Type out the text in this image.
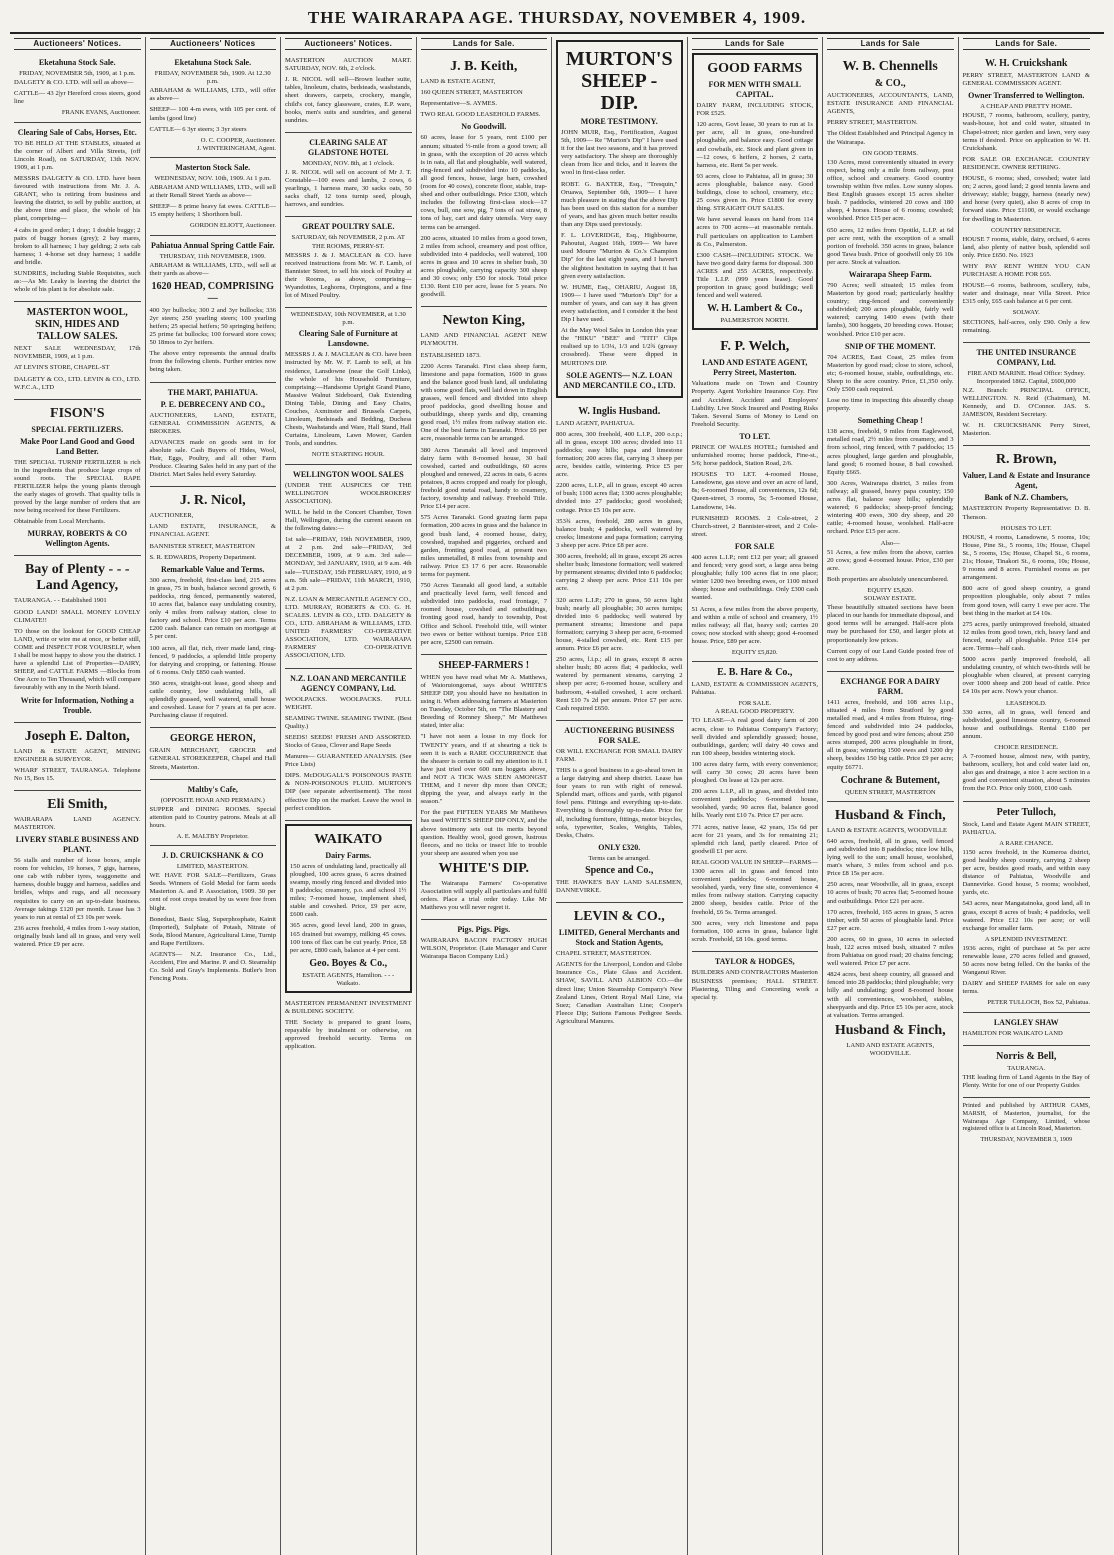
THE WAIRARAPA AGE. THURSDAY, NOVEMBER 4, 1909.
Auctioneers' Notices.
Eketahuna Stock Sale.
FRIDAY, NOVEMBER 5th, 1909, at 1 p.m.
DALGETY & CO. LTD. will sell as above—
CATTLE— 43 2|yr Hereford cross steers, good line
FRANK EVANS, Auctioneer.
Clearing Sale of Cabs, Horses, Etc.
TO BE HELD AT THE STABLES, situated at the corner of Albert and Villa Streets, (off Lincoln Road), on SATURDAY, 13th NOV. 1909, at 1 p.m.
MESSRS DALGETY & CO. LTD. have been favoured with instructions from Mr. J. A. GRANT, who is retiring from business and leaving the district, to sell by public auction, at the above time and place, the whole of his plant, comprising—
4 cabs in good order; 1 dray; 1 double buggy; 2 pairs of buggy horses (grey); 2 bay mares, broken to all harness; 1 bay gelding; 2 sets cab harness; 1 4-horse set dray harness; 1 saddle and bridle.
SUNDRIES, including Stable Requisites, such as:—As Mr. Leaky is leaving the district the whole of his plant is for absolute sale.
MASTERTON WOOL, SKIN, HIDES AND TALLOW SALES.
NEXT SALE WEDNESDAY, 17th NOVEMBER, 1909, at 1 p.m.
AT LEVIN'S STORE, CHAPEL-ST
DALGETY & CO., LTD. LEVIN & CO., LTD. W.F.C.A., LTD
FISON'S
SPECIAL FERTILIZERS.
Make Poor Land Good and Good Land Better.
THE SPECIAL TURNIP FERTILIZER is rich in the ingredients that produce large crops of sound roots. The SPECIAL RAPE FERTILIZER helps the young plants through the early stages of growth. That quality tells is proved by the large number of orders that are now being received for these Fertilizers.
Obtainable from Local Merchants.
MURRAY, ROBERTS & CO Wellington Agents.
Bay of Plenty - - - Land Agency,
TAURANGA. - - Established 1901
GOOD LAND! SMALL MONEY LOVELY CLIMATE!!
TO those on the lookout for GOOD CHEAP LAND, write or wire me at once, or better still, COME and INSPECT FOR YOURSELF, when I shall be most happy to show you the district. I have a splendid List of Properties—DAIRY, SHEEP, and CATTLE FARMS —Blocks from One Acre to Ten Thousand, which will compare favourably with any in the North Island.
Write for Information, Nothing a Trouble.
Joseph E. Dalton,
LAND & ESTATE AGENT, MINING ENGINEER & SURVEYOR.
WHARF STREET, TAURANGA. Telephone No 15, Box 15.
Eli Smith,
WAIRARAPA LAND AGENCY. MASTERTON.
LIVERY STABLE BUSINESS AND PLANT.
56 stalls and number of loose boxes, ample room for vehicles, 19 horses, 7 gigs, harness, one cab with rubber tyres, waggonette and harness, double buggy and harness, saddles and bridles, whips and rugs, and all necessary requisites to carry on an up-to-date business. Average takings £120 per month. Lease has 3 years to run at rental of £3 10s per week.
236 acres freehold, 4 miles from 1-way station, originally bush land all in grass, and very well watered. Price £9 per acre.
Auctioneers' Notices
Eketahuna Stock Sale.
FRIDAY, NOVEMBER 5th, 1909. At 12.30 p.m.
ABRAHAM & WILLIAMS, LTD., will offer as above—
SHEEP— 100 4-m ewes, with 105 per cent. of lambs (good line)
CATTLE— 6 3yr steers; 3 3yr steers
O. C. COOPER, Auctioneer.
J. WINTERINGHAM, Agent.
Masterton Stock Sale.
WEDNESDAY, NOV. 10th, 1909. At 1 p.m.
ABRAHAM AND WILLIAMS, LTD., will sell at their Renall Street Yards as above—
SHEEP— 8 prime heavy fat ewes. CATTLE— 15 empty heifers; 1 Shorthorn bull.
GORDON ELIOTT, Auctioneer.
Pahiatua Annual Spring Cattle Fair.
THURSDAY, 11th NOVEMBER, 1909.
ABRAHAM & WILLIAMS, LTD., will sell at their yards as above—
1620 HEAD, COMPRISING—
400 3yr bullocks; 300 2 and 3yr bullocks; 336 2yr steers; 250 yearling steers; 100 yearling heifers; 25 special heifers; 50 springing heifers; 25 prime fat bullocks; 100 forward store cows; 50 18mos to 2yr heifers.
The above entry represents the annual drafts from the following clients. Further entries now being taken.
THE MART, PAHIATUA.
P. E. DEBRECENY AND CO.,
AUCTIONEERS, LAND, ESTATE, GENERAL COMMISSION AGENTS, & BROKERS.
ADVANCES made on goods sent in for absolute sale. Cash Buyers of Hides, Wool, Hair, Eggs, Poultry, and all other Farm Produce. Clearing Sales held in any part of the District. Mart Sales held every Saturday.
J. R. Nicol,
AUCTIONEER,
LAND ESTATE, INSURANCE, & FINANCIAL AGENT.
BANNISTER STREET, MASTERTON
S. R. EDWARDS, Property Department.
Remarkable Value and Terms.
300 acres, freehold, first-class land, 215 acres in grass, 75 in bush, balance second growth, 6 paddocks, ring fenced, permanently watered, 10 acres flat, balance easy undulating country, only 4 miles from railway station, close to factory and school. Price £10 per acre. Terms £200 cash. Balance can remain on mortgage at 5 per cent.
100 acres, all flat, rich, river made land, ring-fenced, 9 paddocks, a splendid little property for dairying and cropping, or fattening. House of 6 rooms. Only £850 cash wanted.
360 acres, straight-out lease, good sheep and cattle country, low undulating hills, all splendidly grassed, well watered, small house and cowshed. Lease for 7 years at 6s per acre. Purchasing clause if required.
GEORGE HERON,
GRAIN MERCHANT, GROCER and GENERAL STOREKEEPER, Chapel and Hall Streets, Masterton.
Maltby's Cafe,
(OPPOSITE HOAR AND PERMAIN.)
SUPPER and DINING ROOMS. Special attention paid to Country patrons. Meals at all hours.
A. E. MALTBY Proprietor.
J. D. CRUICKSHANK & CO
LIMITED, MASTERTON.
WE HAVE FOR SALE—Fertilizers, Grass Seeds. Winners of Gold Medal for farm seeds Masterton A. and P. Association, 1909. 30 per cent of root crops treated by us were free from blight.
Bonedust, Basic Slag, Superphosphate, Kainit (Imported), Sulphate of Potash, Nitrate of Soda, Blood Manure, Agricultural Lime, Turnip and Rape Fertilizers.
AGENTS— N.Z. Insurance Co., Ltd., Accident, Fire and Marine. P. and O. Steamship Co. Sold and Gray's Implements. Butler's Iron Fencing Posts.
Auctioneers' Notices.
MASTERTON AUCTION MART. SATURDAY, NOV. 6th, 2 o'clock.
J. R. NICOL will sell—Brown leather suite, tables, linoleum, chairs, bedsteads, washstands, sheet drawers, carpets, crockery, mangle, child's cot, fancy glassware, crates, E.P. ware, books, men's suits and sundries, and general sundries.
CLEARING SALE AT GLADSTONE HOTEL
MONDAY, NOV. 8th, at 1 o'clock.
J. R. NICOL will sell on account of Mr J. T. Constable—100 ewes and lambs, 2 cows, 6 yearlings, 1 harness mare, 30 sacks oats, 50 sacks chaff, 12 tons turnip seed, plough, harrows, and sundries.
GREAT POULTRY SALE.
SATURDAY, 6th NOVEMBER, 2 p.m. AT THE ROOMS, PERRY-ST.
MESSRS J. & J. MACLEAN & CO. have received instructions from Mr. W. F. Lamb, of Bannister Street, to sell his stock of Poultry at their Rooms, as above, comprising—Wyandottes, Leghorns, Orpingtons, and a fine lot of Mixed Poultry.
WEDNESDAY, 10th NOVEMBER, at 1.30 p.m.
Clearing Sale of Furniture at Lansdowne.
MESSRS J. & J. MACLEAN & CO. have been instructed by Mr. W. F. Lamb to sell, at his residence, Lansdowne (near the Golf Links), the whole of his Household Furniture, comprising:—Handsome Upright Grand Piano, Massive Walnut Sideboard, Oak Extending Dining Table, Dining and Easy Chairs, Couches, Axminster and Brussels Carpets, Linoleum, Bedsteads and Bedding, Duchess Chests, Washstands and Ware, Hall Stand, Hall Curtains, Linoleum, Lawn Mower, Garden Tools, and sundries.
NOTE STARTING HOUR.
WELLINGTON WOOL SALES
(UNDER THE AUSPICES OF THE WELLINGTON WOOLBROKERS' ASSOCIATION).
WILL be held in the Concert Chamber, Town Hall, Wellington, during the current season on the following dates:—
1st sale—FRIDAY, 19th NOVEMBER, 1909, at 2 p.m. 2nd sale—FRIDAY, 3rd DECEMBER, 1909, at 9 a.m. 3rd sale—MONDAY, 3rd JANUARY, 1910, at 9 a.m. 4th sale—TUESDAY, 15th FEBRUARY, 1910, at 9 a.m. 5th sale—FRIDAY, 11th MARCH, 1910, at 2 p.m.
N.Z. LOAN & MERCANTILE AGENCY CO., LTD. MURRAY, ROBERTS & CO. G. H. SCALES. LEVIN & CO., LTD. DALGETY & CO., LTD. ABRAHAM & WILLIAMS, LTD. UNITED FARMERS' CO-OPERATIVE ASSOCIATION, LTD. WAIRARAPA FARMERS' CO-OPERATIVE ASSOCIATION, LTD.
N.Z. LOAN AND MERCANTILE AGENCY COMPANY, Ltd.
WOOLPACKS. WOOLPACKS. FULL WEIGHT.
SEAMING TWINE. SEAMING TWINE. (Best Quality.)
SEEDS! SEEDS! FRESH AND ASSORTED. Stocks of Grass, Clover and Rape Seeds
Manures— GUARANTEED ANALYSIS. (See Price Lists)
DIPS. McDOUGALL'S POISONOUS PASTE & NON-POISONOUS FLUID. MURTON'S DIP (see separate advertisement). The most effective Dip on the market. Leave the wool in perfect condition.
WAIKATO
Dairy Farms.
150 acres of undulating land, practically all ploughed, 100 acres grass, 6 acres drained swamp, mostly ring fenced and divided into 8 paddocks; creamery, p.o. and school 1½ miles; 7-roomed house, implement shed, stable and cowshed. Price, £9 per acre, £600 cash.
365 acres, good level land, 200 in grass, 165 drained but swampy, milking 45 cows. 100 tons of flax can be cut yearly. Price, £8 per acre, £800 cash, balance at 4 per cent.
Geo. Boyes & Co.,
ESTATE AGENTS, Hamilton. - - - Waikato.
MASTERTON PERMANENT INVESTMENT & BUILDING SOCIETY.
THE Society is prepared to grant loans, repayable by instalment or otherwise, on approved freehold security. Terms on application.
Lands for Sale.
J. B. Keith,
LAND & ESTATE AGENT,
160 QUEEN STREET, MASTERTON
Representative—S. AYMES.
TWO REAL GOOD LEASEHOLD FARMS.
No Goodwill.
60 acres, lease for 5 years, rent £100 per annum; situated ½-mile from a good town; all in grass, with the exception of 20 acres which is in oats, all flat and ploughable, well watered, ring-fenced and subdivided into 10 paddocks, all good fences, house, large barn, cowshed (room for 40 cows), concrete floor, stable, trap-shed and other outbuildings. Price £300, which includes the following first-class stock—17 cows, bull, one sow, pig, 7 tons of oat straw, 8 tons of hay, cart and dairy utensils. Very easy terms can be arranged.
200 acres, situated 10 miles from a good town, 2 miles from school, creamery and post office, subdivided into 4 paddocks, well watered, 100 acres in grass and 10 acres in shelter bush, 30 acres ploughable, carrying capacity 300 sheep and 30 cows; only £50 for stock. Total price £130. Rent £10 per acre, lease for 5 years. No goodwill.
Newton King,
LAND AND FINANCIAL AGENT NEW PLYMOUTH.
ESTABLISHED 1873.
2200 Acres Taranaki. First class sheep farm, limestone and papa formation, 1600 in grass and the balance good bush land, all undulating with some good flats, well laid down in English grasses, well fenced and divided into sheep proof paddocks, good dwelling house and outbuildings, sheep yards and dip, creaming good road, 1½ miles from railway station etc. One of the best farms in Taranaki. Price £6 per acre, reasonable terms can be arranged.
380 Acres Taranaki all level and improved dairy farm with 8-roomed house, 30 bail cowshed, carted and outbuildings, 60 acres ploughed and renewed, 22 acres in oats, 6 acres potatoes, 8 acres cropped and ready for plough, freehold good metal road, handy to creamery, factory, township and railway. Freehold Title. Price £14 per acre.
575 Acres Taranaki. Good grazing farm papa formation, 200 acres in grass and the balance in good bush land, 4 roomed house, dairy, cowshed, trapshed and piggeries, orchard and garden, fronting good road, at present two miles unmetalled, 8 miles from township and railway. Price £3 17 6 per acre. Reasonable terms for payment.
750 Acres Taranaki all good land, a suitable and practically level farm, well fenced and subdivided into paddocks, road frontage, 7 roomed house, cowshed and outbuildings, fronting good road, handy to township, Post Office and School. Freehold title, will winter two ewes or better without turnips. Price £18 per acre, £2500 can remain.
SHEEP-FARMERS !
WHEN you have read what Mr A. Matthews, of Waioruiongomai, says about WHITE'S SHEEP DIP, you should have no hesitation in using it. When addressing farmers at Masterton on Tuesday, October 5th, on "The Blastery and Breeding of Romney Sheep," Mr Matthews stated, inter alia:
"I have not seen a louse in my flock for TWENTY years, and if at shearing a tick is seen it is such a RARE OCCURRENCE that the shearer is certain to call my attention to it. I have just tried over 600 ram hoggets above, and NOT A TICK WAS SEEN AMONGST THEM, and I never dip more than ONCE; dipping the year, and always early in the season."
For the past FIFTEEN YEARS Mr Matthews has used WHITE'S SHEEP DIP ONLY, and the above testimony sets out its merits beyond question. Healthy wool, good grown, lustrous fleeces, and no ticks or insect life to trouble your sheep are assured when you use
WHITE'S DIP.
The Wairarapa Farmers' Co-operative Association will supply all particulars and fulfil orders. Place a trial order today. Like Mr Matthews you will never regret it.
Pigs. Pigs. Pigs.
WAIRARAPA BACON FACTORY HUGH WILSON, Proprietor. (Late Manager and Curer Wairarapa Bacon Company Ltd.)
MURTON'S SHEEP - DIP.
MORE TESTIMONY.
JOHN MUIR, Esq., Fortification, August 5th, 1909— Re "Murton's Dip" I have used it for the last two seasons, and it has proved very satisfactory. The sheep are thoroughly clean from lice and ticks, and it leaves the wool in first-class order.
ROBT. G. BAXTER, Esq., "Tresquin," Oruawa, September 6th, 1909— I have much pleasure in stating that the above Dip has been used on this station for a number of years, and has given much better results than any Dips used previously.
F. L. LOVERIDGE, Esq., Highbourne, Pahoutui, August 16th, 1909— We have used Mourre "Murton & Co.'s Champion Dip" for the last eight years, and I haven't the slightest hesitation in saying that it has given every satisfaction.
W. HUME, Esq., OHARIU, August 18, 1909— I have used "Murton's Dip" for a number of years, and can say it has given every satisfaction, and I consider it the best Dip I have used.
At the May Wool Sales in London this year the "HIKU" "BEE" and "TITI" Clips realised up to 1/3¼, 1/3 and 1/2¾ (greasy crossbred). These were dipped in MURTON'S DIP.
SOLE AGENTS— N.Z. LOAN AND MERCANTILE CO., LTD.
W. Inglis Husband.
LAND AGENT, PAHIATUA.
800 acres, 300 freehold, 400 L.I.P., 200 o.r.p.; all in grass, except 100 acres; divided into 11 paddocks; easy hills; papa and limestone formation; 200 acres flat, carrying 3 sheep per acre, besides cattle, wintering. Price £5 per acre.
2200 acres, L.I.P., all in grass, except 40 acres of bush; 1100 acres flat; 1300 acres ploughable; divided into 27 paddocks; good woolshed; cottage. Price £5 10s per acre.
353¾ acres, freehold, 280 acres in grass, balance bush; 4 paddocks, well watered by creeks; limestone and papa formation; carrying 3 sheep per acre. Price £8 per acre.
300 acres, freehold; all in grass, except 26 acres shelter bush; limestone formation; well watered by permanent streams; divided into 6 paddocks; carrying 2 sheep per acre. Price £11 10s per acre.
320 acres L.I.P.; 270 in grass, 50 acres light bush; nearly all ploughable; 30 acres turnips; divided into 6 paddocks; well watered by permanent streams; limestone and papa formation; carrying 3 sheep per acre, 6-roomed house, 4-stalled cowshed, etc. Rent £15 per annum. Price £6 per acre.
250 acres, l.i.p.; all in grass, except 8 acres shelter bush; 80 acres flat; 4 paddocks, well watered by permanent streams, carrying 2 sheep per acre; 6-roomed house, scullery and bathroom, 4-stalled cowshed, 1 acre orchard. Rent £10 7s 2d per annum. Price £7 per acre. Cash required £650.
AUCTIONEERING BUSINESS FOR SALE.
OR WILL EXCHANGE FOR SMALL DAIRY FARM.
THIS is a good business in a go-ahead town in a large dairying and sheep district. Lease has four years to run with right of renewal. Splendid mart, offices and yards, with piganol fowl pens. Fittings and everything up-to-date. Everything is thoroughly up-to-date. Price for all, including furniture, fittings, motor bicycles, sofa, typewriter, Scales, Weights, Tables, Desks, Chairs.
ONLY £320.
Terms can be arranged.
Spence and Co.,
THE HAWKE'S BAY LAND SALESMEN, DANNEVIRKE.
LEVIN & CO.,
LIMITED, General Merchants and Stock and Station Agents,
CHAPEL STREET, MASTERTON.
AGENTS for the Liverpool, London and Globe Insurance Co., Plate Glass and Accident. SHAW, SAVILL AND ALBION CO.—the direct line; Union Steamship Company's New Zealand Lines, Orient Royal Mail Line, via Suez; Canadian Australian Line; Cooper's Fleece Dip; Suttons Famous Pedigree Seeds. Agricultural Manures.
Lands for Sale
GOOD FARMS
FOR MEN WITH SMALL CAPITAL.
DAIRY FARM, INCLUDING STOCK, FOR £525.
120 acres, Govt lease, 30 years to run at 1s per acre, all in grass, one-hundred ploughable, and balance easy. Good cottage and cowbails, etc. Stock and plant given in—12 cows, 6 heifers, 2 horses, 2 carts, harness, etc. Rent 5s per week.
93 acres, close to Pahiatua, all in grass; 30 acres ploughable, balance easy. Good buildings, close to school, creamery, etc.; 25 cows given in. Price £1800 for every thing. STRAIGHT OUT SALES.
We have several leases on hand from 114 acres to 700 acres—at reasonable rentals. Full particulars on application to Lambert & Co., Palmerston.
£300 CASH—INCLUDING STOCK. We have two good dairy farms for disposal. 300 ACRES and 255 ACRES, respectively. Title L.I.P. (999 years lease). Good proportion in grass; good buildings; well fenced and well watered.
W. H. Lambert & Co.,
PALMERSTON NORTH.
F. P. Welch,
LAND AND ESTATE AGENT, Perry Street, Masterton.
Valuations made on Town and Country Property. Agent Yorkshire Insurance Coy. Fire and Accident. Accident and Employers' Liability. Live Stock Insured and Posting Risks Taken. Several Sums of Money to Lend on Freehold Security.
TO LET.
PRINCE OF WALES HOTEL; furnished and unfurnished rooms; horse paddock, Fine-st., 5/6; horse paddock, Station Road, 2/6.
HOUSES TO LET. 4-roomed House, Lansdowne, gas stove and over an acre of land, 8s; 6-roomed House, all conveniences, 12s 6d; Queen-street, 3 rooms, 5s; 5-roomed House, Lansdowne, 14s.
FURNISHED ROOMS. 2 Cole-street, 2 Church-street, 2 Bannister-street, and 2 Cole-street.
FOR SALE
400 acres L.I.P.; rent £12 per year; all grassed and fenced; very good sort, a large area being ploughable; fully 100 acres flat in one place; winter 1200 two breeding ewes, or 1100 mixed sheep; house and outbuildings. Only £300 cash wanted.
51 Acres, a few miles from the above property, and within a mile of school and creamery, 1½ miles railway; all flat, heavy soil; carries 20 cows; now stocked with sheep; good 4-roomed house. Price, £89 per acre.
EQUITY £5,820.
E. B. Hare & Co.,
LAND, ESTATE & COMMISSION AGENTS, Pahiatua.
FOR SALE.
A REAL GOOD PROPERTY.
TO LEASE—A real good dairy farm of 200 acres, close to Pahiatua Company's Factory; well divided and splendidly grassed; house, outbuildings, garden; will dairy 40 cows and run 100 sheep, besides wintering stock.
100 acres dairy farm, with every convenience; will carry 30 cows; 20 acres have been ploughed. On lease at 12s per acre.
200 acres L.I.P., all in grass, and divided into convenient paddocks; 6-roomed house, woolshed, yards; 90 acres flat, balance good hills. Yearly rent £10 7s. Price £7 per acre.
771 acres, native lease, 42 years, 15s 6d per acre for 21 years, and 3s for remaining 21; splendid rich land, partly cleared. Price of goodwill £1 per acre.
REAL GOOD VALUE IN SHEEP—FARMS—
1300 acres all in grass and fenced into convenient paddocks; 6-roomed house, woolshed, yards, very fine site, convenience 4 miles from railway station. Carrying capacity 2800 sheep, besides cattle. Price of the freehold, £6 5s. Terms arranged.
300 acres, very rich limestone and papa formation, 100 acres in grass, balance light scrub. Freehold, £8 10s. good terms.
TAYLOR & HODGES,
BUILDERS AND CONTRACTORS Masterton
BUSINESS premises; HALL STREET. Plastering, Tiling and Concreting work a special ty.
Lands for Sale
W. B. Chennells
& CO.,
AUCTIONEERS, ACCOUNTANTS, LAND, ESTATE INSURANCE AND FINANCIAL AGENTS,
PERRY STREET, MASTERTON.
The Oldest Established and Principal Agency in the Wairarapa.
ON GOOD TERMS.
130 Acres, most conveniently situated in every respect, being only a mile from railway, post office, school and creamery. Good country township within five miles. Low sunny slopes. Best English grasses except 15 acres shelter bush. 7 paddocks, wintered 20 cows and 180 sheep, 4 horses. House of 6 rooms; cowshed; woolshed. Price £15 per acre.
650 acres, 12 miles from Opotiki, L.I.P. at 6d per acre rent, with the exception of a small portion of freehold. 350 acres in grass, balance good Tawa bush. Price of goodwill only £6 10s per acre. Stock at valuation.
Wairarapa Sheep Farm.
790 Acres; well situated; 15 miles from Masterton by good road; particularly healthy country; ring-fenced and conveniently subdivided; 200 acres ploughable, fairly well watered; carrying 1400 ewes (with their lambs), 300 hoggets, 20 breeding cows. House; woolshed. Price £10 per acre.
SNIP OF THE MOMENT.
704 ACRES, East Coast, 25 miles from Masterton by good road; close to store, school, etc; 6-roomed house, stable, outbuildings, etc. Sheep to the acre country. Price, £1,350 only. Only £500 cash required.
Lose no time in inspecting this absurdly cheap property.
Something Cheap !
138 acres, freehold, 9 miles from Eaglewood, metalled road, 2½ miles from creamery, and 3 from school, ring fenced, with 7 paddocks; 15 acres ploughed, large garden and ploughable, land good; 6 roomed house, 8 bail cowshed. Equity £665.
300 Acres, Wairarapa district, 3 miles from railway; all grassed, heavy papa country; 150 acres flat, balance easy hills; splendidly watered; 6 paddocks; sheep-proof fencing; wintering 400 ewes, 300 dry sheep, and 20 cattle; 4-roomed house, woolshed. Half-acre orchard. Price £15 per acre.
Also—
51 Acres, a few miles from the above, carries 20 cows; good 4-roomed house. Price, £30 per acre.
Both properties are absolutely unencumbered.
EQUITY £5,820.
SOLWAY ESTATE.
These beautifully situated sections have been placed in our hands for immediate disposal, and good terms will be arranged. Half-acre plots may be purchased for £50, and larger plots at proportionately low prices.
Current copy of our Land Guide posted free of cost to any address.
EXCHANGE FOR A DAIRY FARM.
1411 acres, freehold, and 108 acres l.i.p., situated 4 miles from Stratford by good metalled road, and 4 miles from Huiroa, ring-fenced and subdivided into 24 paddocks, fenced by good post and wire fences; about 250 acres stumped, 200 acres ploughable in front, all in grass; wintering 1500 ewes and 1200 dry sheep, besides 150 big cattle. Price £9 per acre; equity £6771.
Cochrane & Butement,
QUEEN STREET, MASTERTON
Husband & Finch,
LAND & ESTATE AGENTS, WOODVILLE
640 acres, freehold, all in grass, well fenced and subdivided into 8 paddocks; nice low hills, lying well to the sun; small house, woolshed, man's whare, 3 miles from school and p.o. Price £8 15s per acre.
250 acres, near Woodville, all in grass, except 10 acres of bush; 70 acres flat; 5-roomed house and outbuildings. Price £21 per acre.
170 acres, freehold, 165 acres in grass, 5 acres timber, with 50 acres of ploughable land. Price £27 per acre.
200 acres, 60 in grass, 10 acres in selected bush, 122 acres mixed bush, situated 7 miles from Pahiatua on good road; 20 chains fencing; well watered. Price £7 per acre.
4824 acres, best sheep country, all grassed and fenced into 28 paddocks; third ploughable; very hilly and undulating; good 8-roomed house with all conveniences, woolshed, stables, sheepyards and dip. Price £5 10s per acre, stock at valuation. Terms arranged.
Husband & Finch,
LAND AND ESTATE AGENTS, WOODVILLE.
Lands for Sale.
W. H. Cruickshank
PERRY STREET, MASTERTON LAND & GENERAL COMMISSION AGENT.
Owner Transferred to Wellington.
A CHEAP AND PRETTY HOME.
HOUSE, 7 rooms, bathroom, scullery, pantry, wash-house, hot and cold water, situated in Chapel-street; nice garden and lawn, very easy terms if desired. Price on application to W. H. Cruickshank.
FOR SALE OR EXCHANGE. COUNTRY RESIDENCE. OWNER RETIRING.
HOUSE, 6 rooms; shed, cowshed; water laid on; 2 acres, good land; 2 good tennis lawns and driveway; stable; buggy, harness (nearly new) and horse (very quiet), also 8 acres of crop in forward state. Price £1100, or would exchange for dwelling in Masterton.
COUNTRY RESIDENCE.
HOUSE 7 rooms, stable, dairy, orchard, 6 acres land, also plenty of native bush, splendid soil only. Price £650. No. 1923
WHY PAY RENT WHEN YOU CAN PURCHASE A HOME FOR £65.
HOUSE—6 rooms, bathroom, scullery, tubs, water and drainage, near Villa Street. Price £315 only, £65 cash balance at 6 per cent.
SOLWAY.
SECTIONS, half-acres, only £90. Only a few remaining.
THE UNITED INSURANCE COMPANY, Ltd.
FIRE AND MARINE. Head Office: Sydney.
Incorporated 1862. Capital, £600,000
N.Z. Branch: PRINCIPAL OFFICE, WELLINGTON. N. Reid (Chairman), M. Kennedy, and D. O'Connor. JAS. S. JAMESON, Resident Secretary.
W. H. CRUICKSHANK Perry Street, Masterton.
R. Brown,
Valuer, Land & Estate and Insurance Agent,
Bank of N.Z. Chambers,
MASTERTON Property Representative: D. B. Thenson.
HOUSES TO LET.
HOUSE, 4 rooms, Lansdowne, 5 rooms, 10s; House, Pine St., 5 rooms, 10s; House, Chapel St., 5 rooms, 15s; House, Chapel St., 6 rooms, 21s; House, Tinakori St., 6 rooms, 10s; House, 9 rooms and 8 acres. Furnished rooms as per arrangement.
800 acre of good sheep country, a grand proposition ploughable, only about 7 miles from good town, will carry 1 ewe per acre. The best thing in the market at £4 10s.
275 acres, partly unimproved freehold, situated 12 miles from good town, rich, heavy land and fenced, nearly all ploughable. Price £14 per acre. Terms—half cash.
5000 acres partly improved freehold, all undulating country, of which two-thirds will be ploughable when cleared, at present carrying over 1000 sheep and 200 head of cattle. Price £4 10s per acre. Now's your chance.
LEASEHOLD.
330 acres, all in grass, well fenced and subdivided, good limestone country, 6-roomed house and outbuildings. Rental £180 per annum.
CHOICE RESIDENCE.
A 7-roomed house, almost new, with pantry, bathroom, scullery, hot and cold water laid on, also gas and drainage, a nice 1 acre section in a good and convenient situation, about 5 minutes from the P.O. Price only £600, £100 cash.
Peter Tulloch,
Stock, Land and Estate Agent MAIN STREET, PAHIATUA.
A RARE CHANCE.
1150 acres freehold, in the Kumeroa district, good healthy sheep country, carrying 2 sheep per acre, besides good roads, and within easy distance of Pahiatua, Woodville and Dannevirke. Good house, 5 rooms; woolshed, yards, etc.
543 acres, near Mangatainoka, good land, all in grass, except 8 acres of bush; 4 paddocks, well watered. Price £12 10s per acre; or will exchange for smaller farm.
A SPLENDID INVESTMENT.
1936 acres, right of purchase at 5s per acre renewable lease, 270 acres felled and grassed, 50 acres now being felled. On the banks of the Wanganui River.
DAIRY and SHEEP FARMS for sale on easy terms.
PETER TULLOCH, Box 52, Pahiatua.
LANGLEY SHAW
HAMILTON FOR WAIKATO LAND
Norris & Bell,
TAURANGA.
THE leading firm of Land Agents in the Bay of Plenty. Write for one of our Property Guides
Printed and published by ARTHUR CAMS, MARSH, of Masterton, journalist, for the Wairarapa Age Company, Limited, whose registered office is at Lincoln Road, Masterton.
THURSDAY, NOVEMBER 3, 1909
